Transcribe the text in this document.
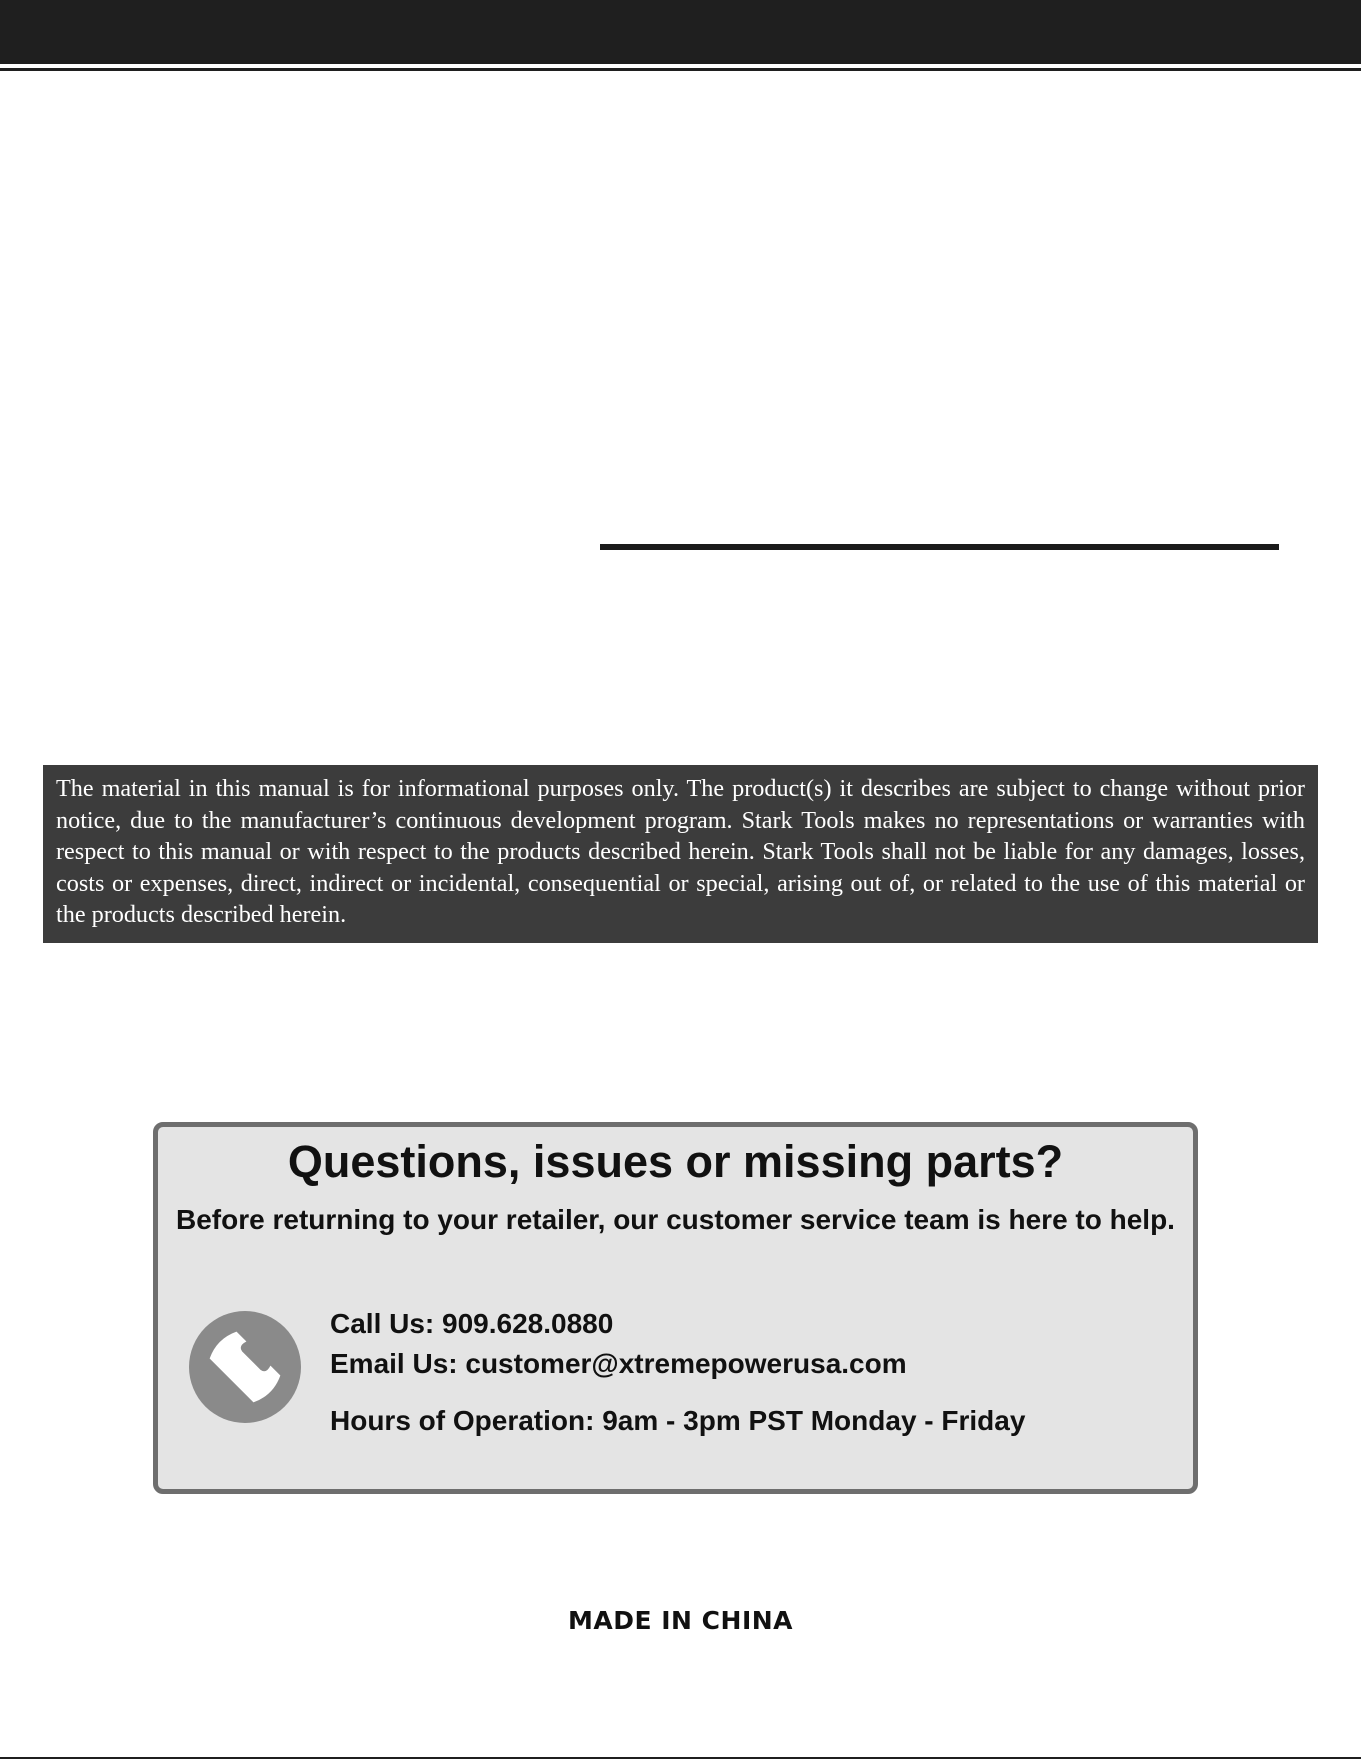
The material in this manual is for informational purposes only. The product(s) it describes are subject to change without prior notice, due to the manufacturer’s continuous development program. Stark Tools makes no representations or warranties with respect to this manual or with respect to the products described herein. Stark Tools shall not be liable for any damages, losses, costs or expenses, direct, indirect or incidental, consequential or special, arising out of, or related to the use of this material or the products described herein.

Questions, issues or missing parts?
Before returning to your retailer, our customer service team is here to help.
Call Us: 909.628.0880
Email Us: customer@xtremepowerusa.com
Hours of Operation: 9am - 3pm PST Monday - Friday
MADE IN CHINA
